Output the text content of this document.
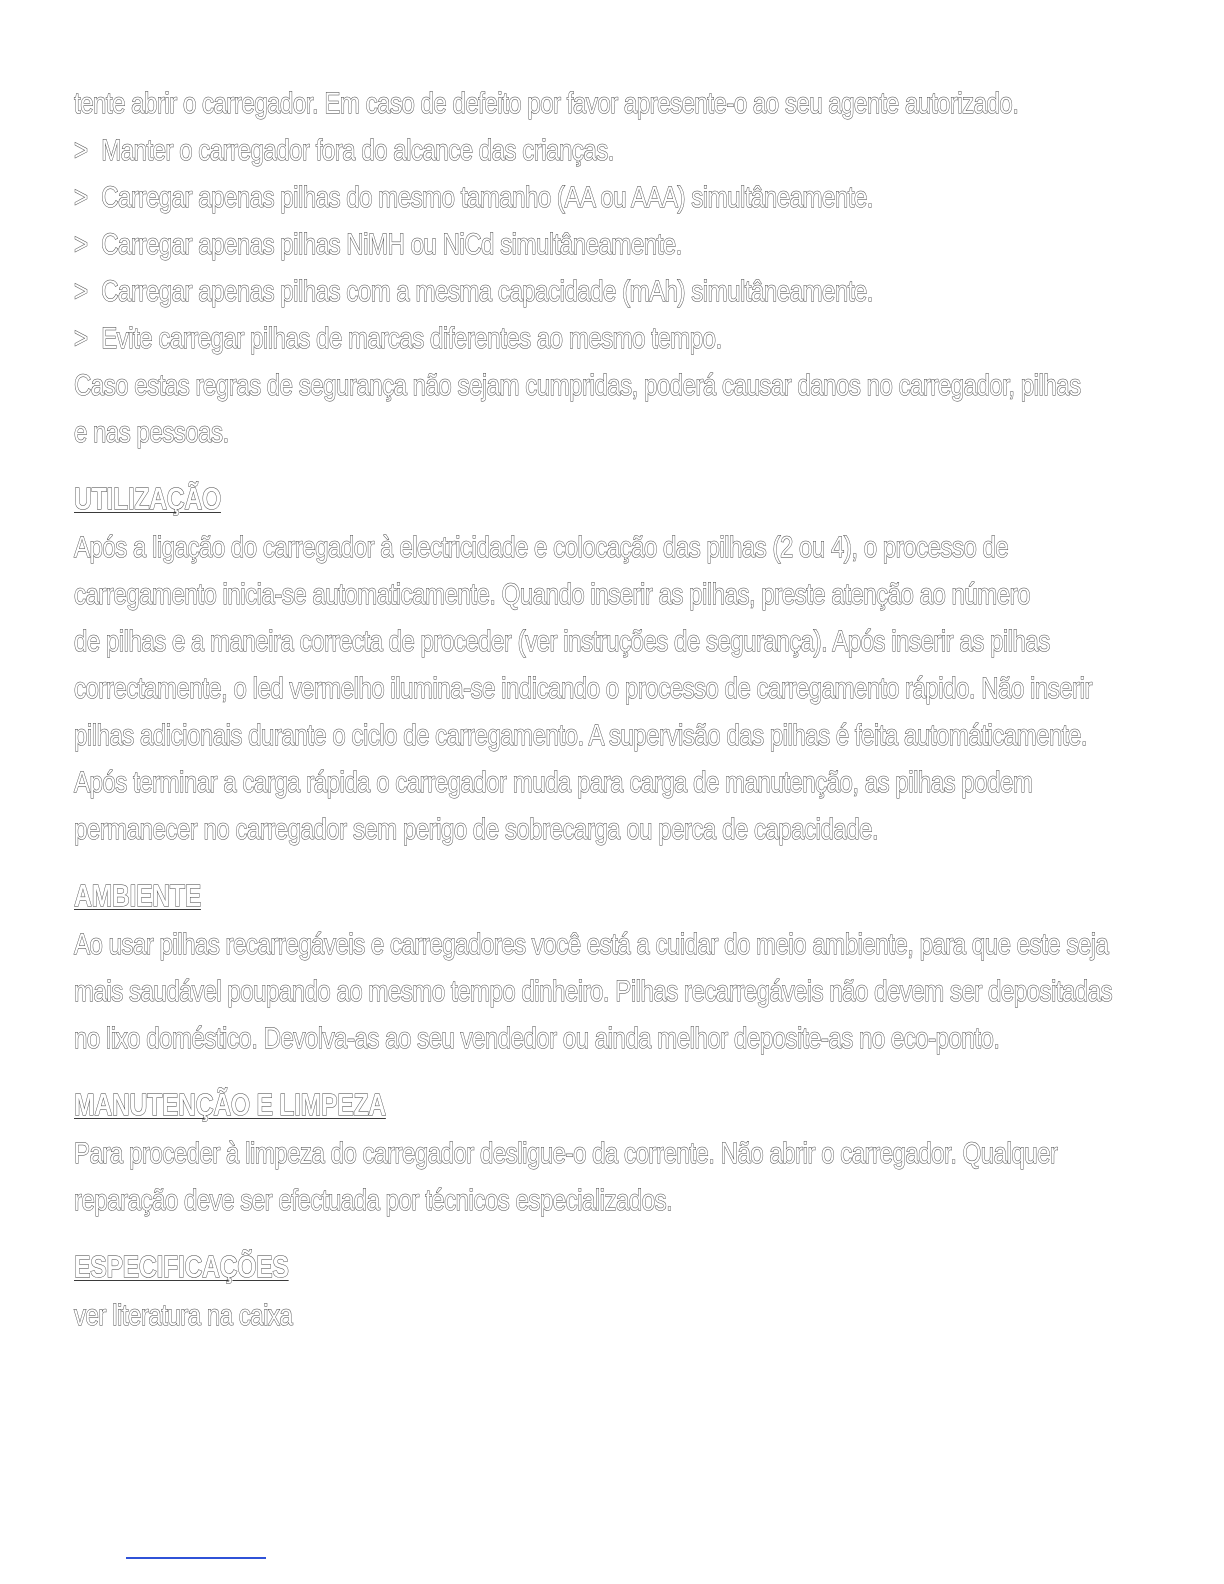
tente abrir o carregador. Em caso de defeito por favor apresente-o ao seu agente autorizado.
> Manter o carregador fora do alcance das crianças.
> Carregar apenas pilhas do mesmo tamanho (AA ou AAA) simultâneamente.
> Carregar apenas pilhas NiMH ou NiCd simultâneamente.
> Carregar apenas pilhas com a mesma capacidade (mAh) simultâneamente.
> Evite carregar pilhas de marcas diferentes ao mesmo tempo.
Caso estas regras de segurança não sejam cumpridas, poderá causar danos no carregador, pilhas
e nas pessoas.
UTILIZAÇÃO
Após a ligação do carregador à electricidade e colocação das pilhas (2 ou 4), o processo de
carregamento inicia-se automaticamente. Quando inserir as pilhas, preste atenção ao número
de pilhas e a maneira correcta de proceder (ver instruções de segurança). Após inserir as pilhas
correctamente, o led vermelho ilumina-se indicando o processo de carregamento rápido. Não inserir
pilhas adicionais durante o ciclo de carregamento. A supervisão das pilhas é feita automáticamente.
Após terminar a carga rápida o carregador muda para carga de manutenção, as pilhas podem
permanecer no carregador sem perigo de sobrecarga ou perca de capacidade.
AMBIENTE
Ao usar pilhas recarregáveis e carregadores você está a cuidar do meio ambiente, para que este seja
mais saudável poupando ao mesmo tempo dinheiro. Pilhas recarregáveis não devem ser depositadas
no lixo doméstico. Devolva-as ao seu vendedor ou ainda melhor deposite-as no eco-ponto.
MANUTENÇÃO E LIMPEZA
Para proceder à limpeza do carregador desligue-o da corrente. Não abrir o carregador. Qualquer
reparação deve ser efectuada por técnicos especializados.
ESPECIFICAÇÕES
ver literatura na caixa
